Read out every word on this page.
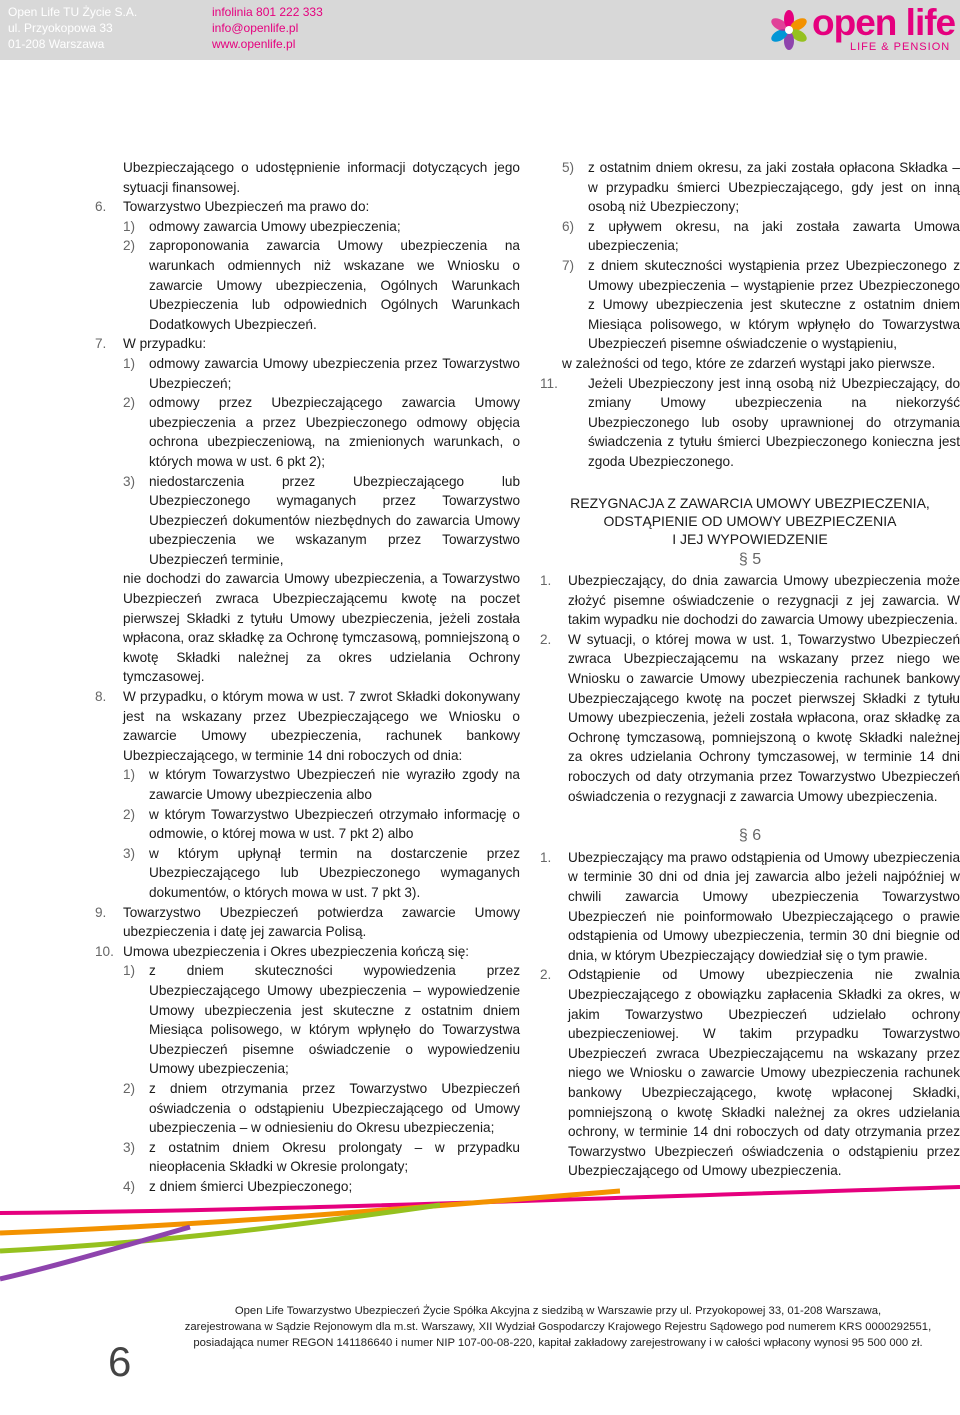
Open Life TU Życie S.A.
ul. Przyokopowa 33
01-208 Warszawa
infolinia 801 222 333
info@openlife.pl
www.openlife.pl
open life
LIFE & PENSION
Ubezpieczającego o udostępnienie informacji dotyczących jego sytuacji finansowej.
6. Towarzystwo Ubezpieczeń ma prawo do:
1) odmowy zawarcia Umowy ubezpieczenia;
2) zaproponowania zawarcia Umowy ubezpieczenia na warunkach odmiennych niż wskazane we Wniosku o zawarcie Umowy ubezpieczenia, Ogólnych Warunkach Ubezpieczenia lub odpowiednich Ogólnych Warunkach Dodatkowych Ubezpieczeń.
7. W przypadku:
1) odmowy zawarcia Umowy ubezpieczenia przez Towarzystwo Ubezpieczeń;
2) odmowy przez Ubezpieczającego zawarcia Umowy ubezpieczenia a przez Ubezpieczonego odmowy objęcia ochrona ubezpieczeniową, na zmienionych warunkach, o których mowa w ust. 6 pkt 2);
3) niedostarczenia przez Ubezpieczającego lub Ubezpieczonego wymaganych przez Towarzystwo Ubezpieczeń dokumentów niezbędnych do zawarcia Umowy ubezpieczenia we wskazanym przez Towarzystwo Ubezpieczeń terminie,
nie dochodzi do zawarcia Umowy ubezpieczenia, a Towarzystwo Ubezpieczeń zwraca Ubezpieczającemu kwotę na poczet pierwszej Składki z tytułu Umowy ubezpieczenia, jeżeli została wpłacona, oraz składkę za Ochronę tymczasową, pomniejszoną o kwotę Składki należnej za okres udzielania Ochrony tymczasowej.
8. W przypadku, o którym mowa w ust. 7 zwrot Składki dokonywany jest na wskazany przez Ubezpieczającego we Wniosku o zawarcie Umowy ubezpieczenia, rachunek bankowy Ubezpieczającego, w terminie 14 dni roboczych od dnia:
1) w którym Towarzystwo Ubezpieczeń nie wyraziło zgody na zawarcie Umowy ubezpieczenia albo
2) w którym Towarzystwo Ubezpieczeń otrzymało informację o odmowie, o której mowa w ust. 7 pkt 2) albo
3) w którym upłynął termin na dostarczenie przez Ubezpieczającego lub Ubezpieczonego wymaganych dokumentów, o których mowa w ust. 7 pkt 3).
9. Towarzystwo Ubezpieczeń potwierdza zawarcie Umowy ubezpieczenia i datę jej zawarcia Polisą.
10. Umowa ubezpieczenia i Okres ubezpieczenia kończą się:
1) z dniem skuteczności wypowiedzenia przez Ubezpieczającego Umowy ubezpieczenia – wypowiedzenie Umowy ubezpieczenia jest skuteczne z ostatnim dniem Miesiąca polisowego, w którym wpłynęło do Towarzystwa Ubezpieczeń pisemne oświadczenie o wypowiedzeniu Umowy ubezpieczenia;
2) z dniem otrzymania przez Towarzystwo Ubezpieczeń oświadczenia o odstąpieniu Ubezpieczającego od Umowy ubezpieczenia – w odniesieniu do Okresu ubezpieczenia;
3) z ostatnim dniem Okresu prolongaty – w przypadku nieopłacenia Składki w Okresie prolongaty;
4) z dniem śmierci Ubezpieczonego;
5) z ostatnim dniem okresu, za jaki została opłacona Składka – w przypadku śmierci Ubezpieczającego, gdy jest on inną osobą niż Ubezpieczony;
6) z upływem okresu, na jaki została zawarta Umowa ubezpieczenia;
7) z dniem skuteczności wystąpienia przez Ubezpieczonego z Umowy ubezpieczenia – wystąpienie przez Ubezpieczonego z Umowy ubezpieczenia jest skuteczne z ostatnim dniem Miesiąca polisowego, w którym wpłynęło do Towarzystwa Ubezpieczeń pisemne oświadczenie o wystąpieniu,
w zależności od tego, które ze zdarzeń wystąpi jako pierwsze.
11. Jeżeli Ubezpieczony jest inną osobą niż Ubezpieczający, do zmiany Umowy ubezpieczenia na niekorzyść Ubezpieczonego lub osoby uprawnionej do otrzymania świadczenia z tytułu śmierci Ubezpieczonego konieczna jest zgoda Ubezpieczonego.
REZYGNACJA Z ZAWARCIA UMOWY UBEZPIECZENIA,
ODSTĄPIENIE OD UMOWY UBEZPIECZENIA
I JEJ WYPOWIEDZENIE
§ 5
1. Ubezpieczający, do dnia zawarcia Umowy ubezpieczenia może złożyć pisemne oświadczenie o rezygnacji z jej zawarcia. W takim wypadku nie dochodzi do zawarcia Umowy ubezpieczenia.
2. W sytuacji, o której mowa w ust. 1, Towarzystwo Ubezpieczeń zwraca Ubezpieczającemu na wskazany przez niego we Wniosku o zawarcie Umowy ubezpieczenia rachunek bankowy Ubezpieczającego kwotę na poczet pierwszej Składki z tytułu Umowy ubezpieczenia, jeżeli została wpłacona, oraz składkę za Ochronę tymczasową, pomniejszoną o kwotę Składki należnej za okres udzielania Ochrony tymczasowej, w terminie 14 dni roboczych od daty otrzymania przez Towarzystwo Ubezpieczeń oświadczenia o rezygnacji z zawarcia Umowy ubezpieczenia.
§ 6
1. Ubezpieczający ma prawo odstąpienia od Umowy ubezpieczenia w terminie 30 dni od dnia jej zawarcia albo jeżeli najpóźniej w chwili zawarcia Umowy ubezpieczenia Towarzystwo Ubezpieczeń nie poinformowało Ubezpieczającego o prawie odstąpienia od Umowy ubezpieczenia, termin 30 dni biegnie od dnia, w którym Ubezpieczający dowiedział się o tym prawie.
2. Odstąpienie od Umowy ubezpieczenia nie zwalnia Ubezpieczającego z obowiązku zapłacenia Składki za okres, w jakim Towarzystwo Ubezpieczeń udzielało ochrony ubezpieczeniowej. W takim przypadku Towarzystwo Ubezpieczeń zwraca Ubezpieczającemu na wskazany przez niego we Wniosku o zawarcie Umowy ubezpieczenia rachunek bankowy Ubezpieczającego, kwotę wpłaconej Składki, pomniejszoną o kwotę Składki należnej za okres udzielania ochrony, w terminie 14 dni roboczych od daty otrzymania przez Towarzystwo Ubezpieczeń oświadczenia o odstąpieniu przez Ubezpieczającego od Umowy ubezpieczenia.
Open Life Towarzystwo Ubezpieczeń Życie Spółka Akcyjna z siedzibą w Warszawie przy ul. Przyokopowej 33, 01-208 Warszawa,
zarejestrowana w Sądzie Rejonowym dla m.st. Warszawy, XII Wydział Gospodarczy Krajowego Rejestru Sądowego pod numerem KRS 0000292551,
posiadająca numer REGON 141186640 i numer NIP 107-00-08-220, kapitał zakładowy zarejestrowany i w całości wpłacony wynosi 95 500 000 zł.
6
